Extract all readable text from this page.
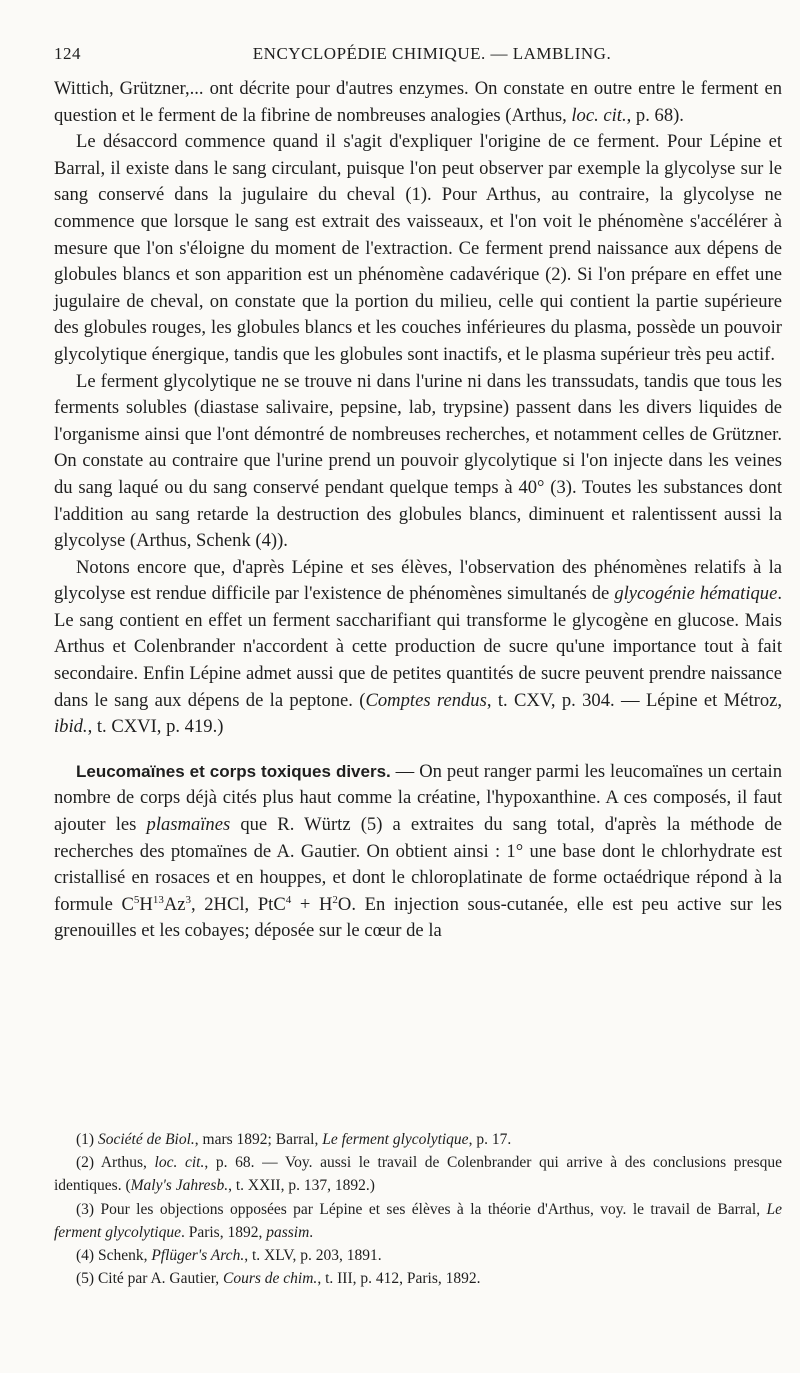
124	ENCYCLOPÉDIE CHIMIQUE. — LAMBLING.

Wittich, Grützner,... ont décrite pour d'autres enzymes. On constate en outre entre le ferment en question et le ferment de la fibrine de nombreuses analogies (Arthus, loc. cit., p. 68).

Le désaccord commence quand il s'agit d'expliquer l'origine de ce ferment. Pour Lépine et Barral, il existe dans le sang circulant, puisque l'on peut observer par exemple la glycolyse sur le sang conservé dans la jugulaire du cheval (1). Pour Arthus, au contraire, la glycolyse ne commence que lorsque le sang est extrait des vaisseaux, et l'on voit le phénomène s'accélérer à mesure que l'on s'éloigne du moment de l'extraction. Ce ferment prend naissance aux dépens de globules blancs et son apparition est un phénomène cadavérique (2). Si l'on prépare en effet une jugulaire de cheval, on constate que la portion du milieu, celle qui contient la partie supérieure des globules rouges, les globules blancs et les couches inférieures du plasma, possède un pouvoir glycolytique énergique, tandis que les globules sont inactifs, et le plasma supérieur très peu actif.

Le ferment glycolytique ne se trouve ni dans l'urine ni dans les transsudats, tandis que tous les ferments solubles (diastase salivaire, pepsine, lab, trypsine) passent dans les divers liquides de l'organisme ainsi que l'ont démontré de nombreuses recherches, et notamment celles de Grützner. On constate au contraire que l'urine prend un pouvoir glycolytique si l'on injecte dans les veines du sang laqué ou du sang conservé pendant quelque temps à 40° (3). Toutes les substances dont l'addition au sang retarde la destruction des globules blancs, diminuent et ralentissent aussi la glycolyse (Arthus, Schenk (4)).

Notons encore que, d'après Lépine et ses élèves, l'observation des phénomènes relatifs à la glycolyse est rendue difficile par l'existence de phénomènes simultanés de glycogénie hématique. Le sang contient en effet un ferment saccharifiant qui transforme le glycogène en glucose. Mais Arthus et Colenbrander n'accordent à cette production de sucre qu'une importance tout à fait secondaire. Enfin Lépine admet aussi que de petites quantités de sucre peuvent prendre naissance dans le sang aux dépens de la peptone. (Comptes rendus, t. CXV, p. 304. — Lépine et Métroz, ibid., t. CXVI, p. 419.)

Leucomaïnes et corps toxiques divers. — On peut ranger parmi les leucomaïnes un certain nombre de corps déjà cités plus haut comme la créatine, l'hypoxanthine. A ces composés, il faut ajouter les plasmaïnes que R. Würtz (5) a extraites du sang total, d'après la méthode de recherches des ptomaïnes de A. Gautier. On obtient ainsi : 1° une base dont le chlorhydrate est cristallisé en rosaces et en houppes, et dont le chloroplatinate de forme octaédrique répond à la formule $C^5H^{13}Az^3$, 2HCl, $PtC^4 + H^2O$. En injection sous-cutanée, elle est peu active sur les grenouilles et les cobayes; déposée sur le cœur de la

(1) Société de Biol., mars 1892; Barral, Le ferment glycolytique, p. 17.

(2) Arthus, loc. cit., p. 68. — Voy. aussi le travail de Colenbrander qui arrive à des conclusions presque identiques. (Maly's Jahresb., t. XXII, p. 137, 1892.)

(3) Pour les objections opposées par Lépine et ses élèves à la théorie d'Arthus, voy. le travail de Barral, Le ferment glycolytique. Paris, 1892, passim.

(4) Schenk, Pflüger's Arch., t. XLV, p. 203, 1891.

(5) Cité par A. Gautier, Cours de chim., t. III, p. 412, Paris, 1892.
